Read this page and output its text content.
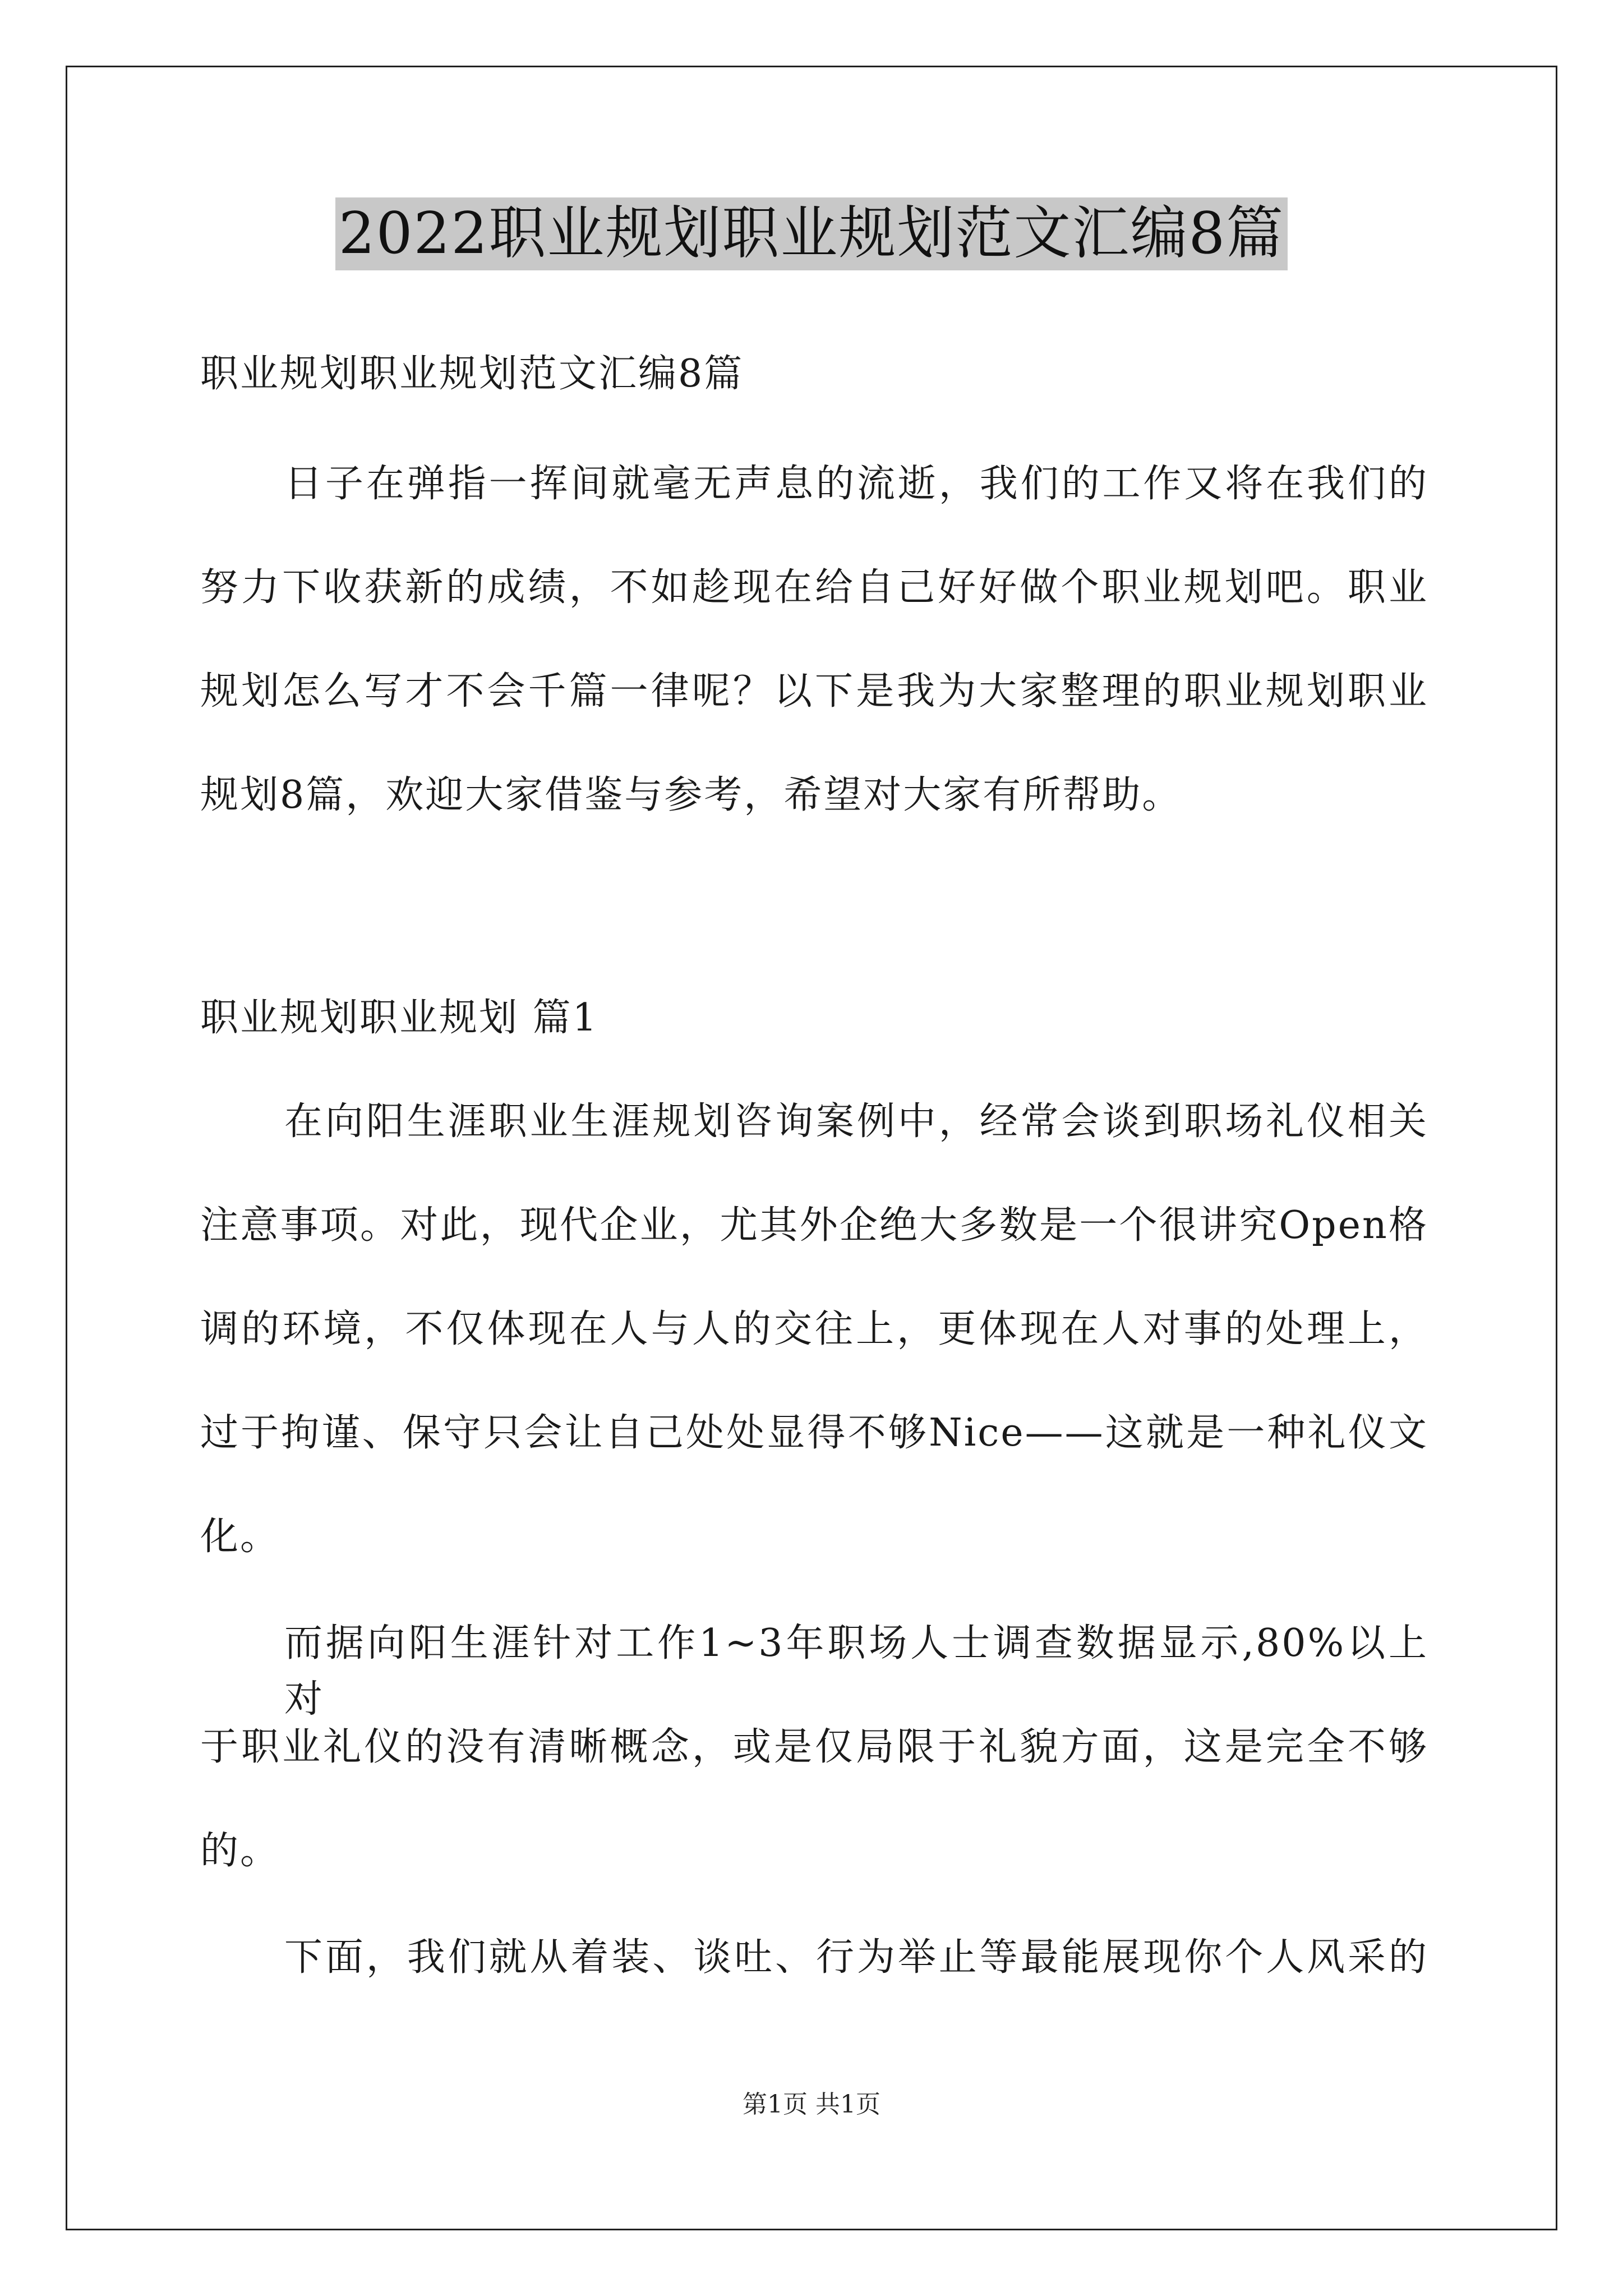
2022职业规划职业规划范文汇编8篇
职业规划职业规划范文汇编8篇
日子在弹指一挥间就毫无声息的流逝，我们的工作又将在我们的
努力下收获新的成绩，不如趁现在给自己好好做个职业规划吧。职业
规划怎么写才不会千篇一律呢？以下是我为大家整理的职业规划职业
规划8篇，欢迎大家借鉴与参考，希望对大家有所帮助。
职业规划职业规划 篇1
在向阳生涯职业生涯规划咨询案例中，经常会谈到职场礼仪相关
注意事项。对此，现代企业，尤其外企绝大多数是一个很讲究Open格
调的环境，不仅体现在人与人的交往上，更体现在人对事的处理上，
过于拘谨、保守只会让自己处处显得不够Nice——这就是一种礼仪文
化。
而据向阳生涯针对工作1~3年职场人士调查数据显示,80%以上对
于职业礼仪的没有清晰概念，或是仅局限于礼貌方面，这是完全不够
的。
下面，我们就从着装、谈吐、行为举止等最能展现你个人风采的
第1页 共1页
